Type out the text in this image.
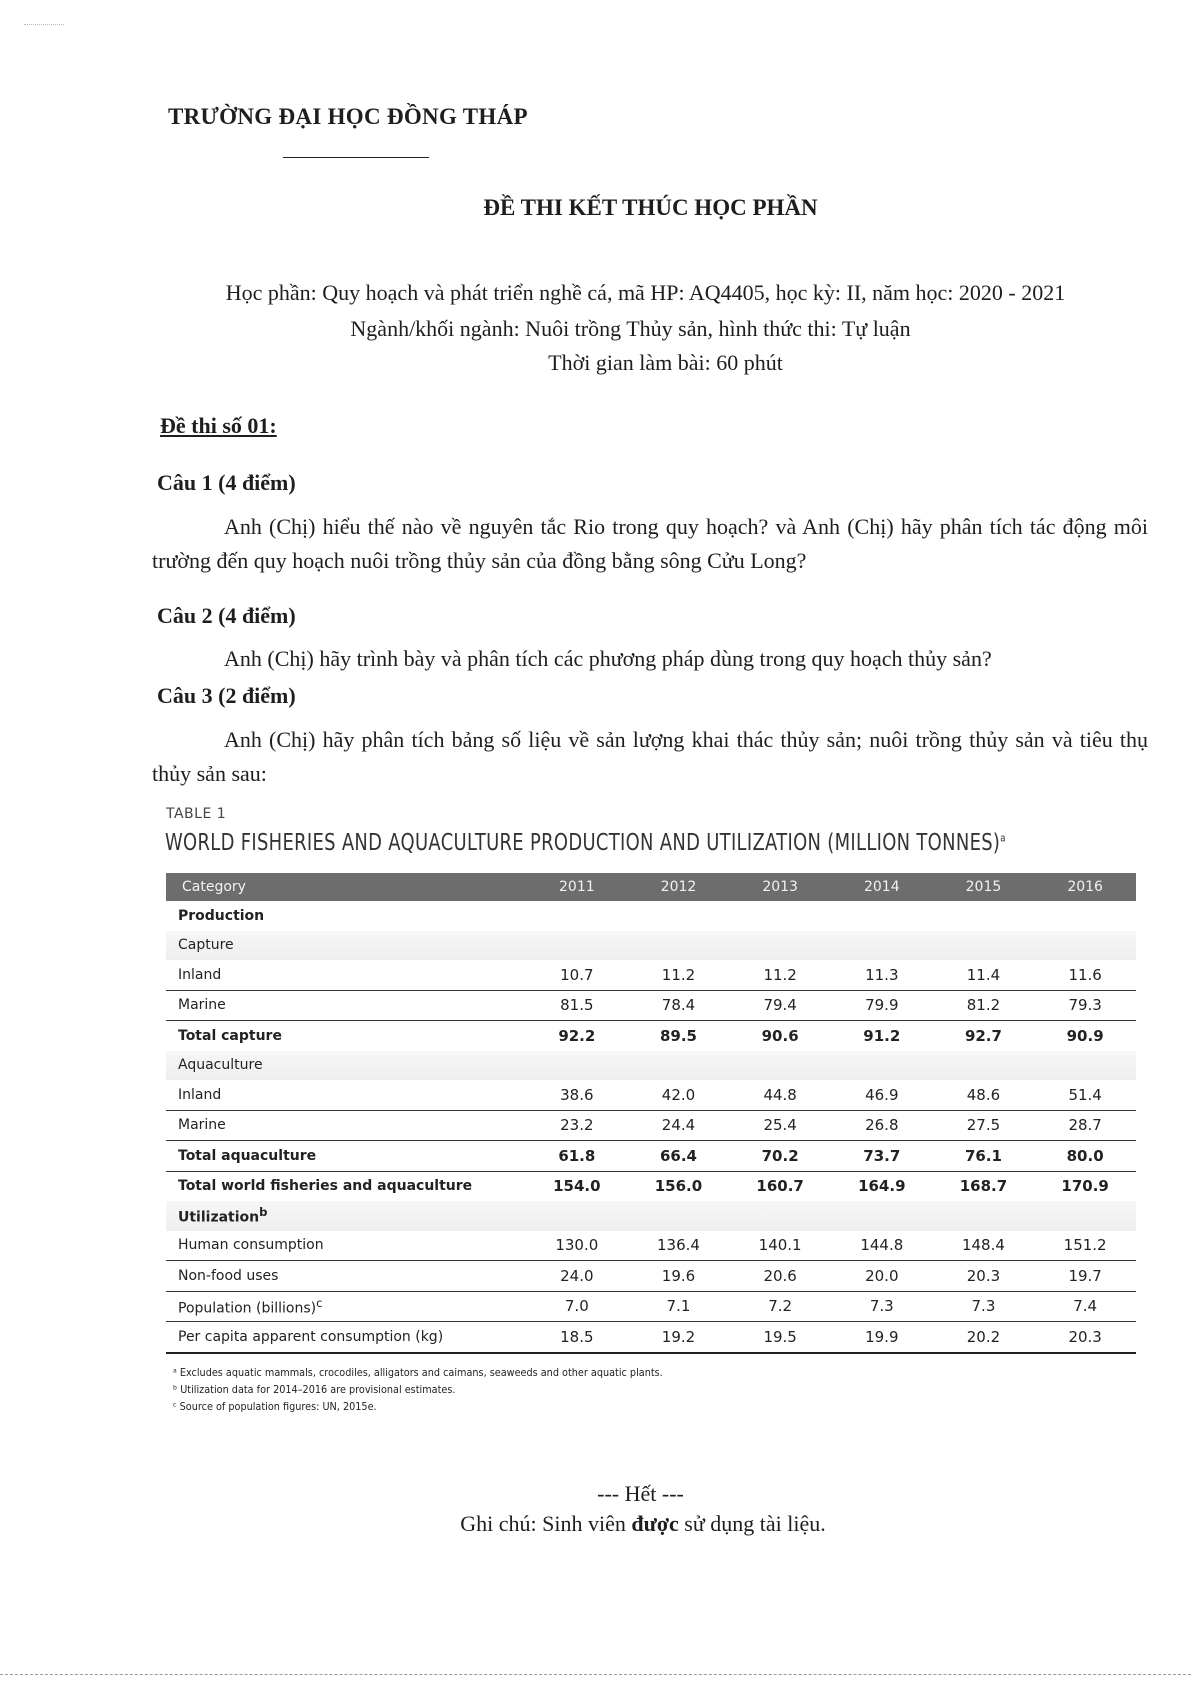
TRƯỜNG ĐẠI HỌC ĐỒNG THÁP
ĐỀ THI KẾT THÚC HỌC PHẦN
Học phần: Quy hoạch và phát triển nghề cá, mã HP: AQ4405, học kỳ: II, năm học: 2020 - 2021
Ngành/khối ngành: Nuôi trồng Thủy sản, hình thức thi: Tự luận
Thời gian làm bài: 60 phút
Đề thi số 01:
Câu 1 (4 điểm)
Anh (Chị) hiểu thế nào về nguyên tắc Rio trong quy hoạch? và Anh (Chị) hãy phân tích tác động môi trường đến quy hoạch nuôi trồng thủy sản của đồng bằng sông Cửu Long?
Câu 2 (4 điểm)
Anh (Chị) hãy trình bày và phân tích các phương pháp dùng trong quy hoạch thủy sản?
Câu 3 (2 điểm)
Anh (Chị) hãy phân tích bảng số liệu về sản lượng khai thác thủy sản; nuôi trồng thủy sản và tiêu thụ thủy sản sau:
TABLE 1
WORLD FISHERIES AND AQUACULTURE PRODUCTION AND UTILIZATION (MILLION TONNES)$^a$
Category	2011	2012	2013	2014	2015	2016
Production						
Capture						
Inland	10.7	11.2	11.2	11.3	11.4	11.6
Marine	81.5	78.4	79.4	79.9	81.2	79.3
Total capture	92.2	89.5	90.6	91.2	92.7	90.9
Aquaculture						
Inland	38.6	42.0	44.8	46.9	48.6	51.4
Marine	23.2	24.4	25.4	26.8	27.5	28.7
Total aquaculture	61.8	66.4	70.2	73.7	76.1	80.0
Total world fisheries and aquaculture	154.0	156.0	160.7	164.9	168.7	170.9
Utilization$^b$						
Human consumption	130.0	136.4	140.1	144.8	148.4	151.2
Non-food uses	24.0	19.6	20.6	20.0	20.3	19.7
Population (billions)$^c$	7.0	7.1	7.2	7.3	7.3	7.4
Per capita apparent consumption (kg)	18.5	19.2	19.5	19.9	20.2	20.3
ᵃ Excludes aquatic mammals, crocodiles, alligators and caimans, seaweeds and other aquatic plants.
ᵇ Utilization data for 2014–2016 are provisional estimates.
ᶜ Source of population figures: UN, 2015e.
--- Hết ---
Ghi chú: Sinh viên được sử dụng tài liệu.
